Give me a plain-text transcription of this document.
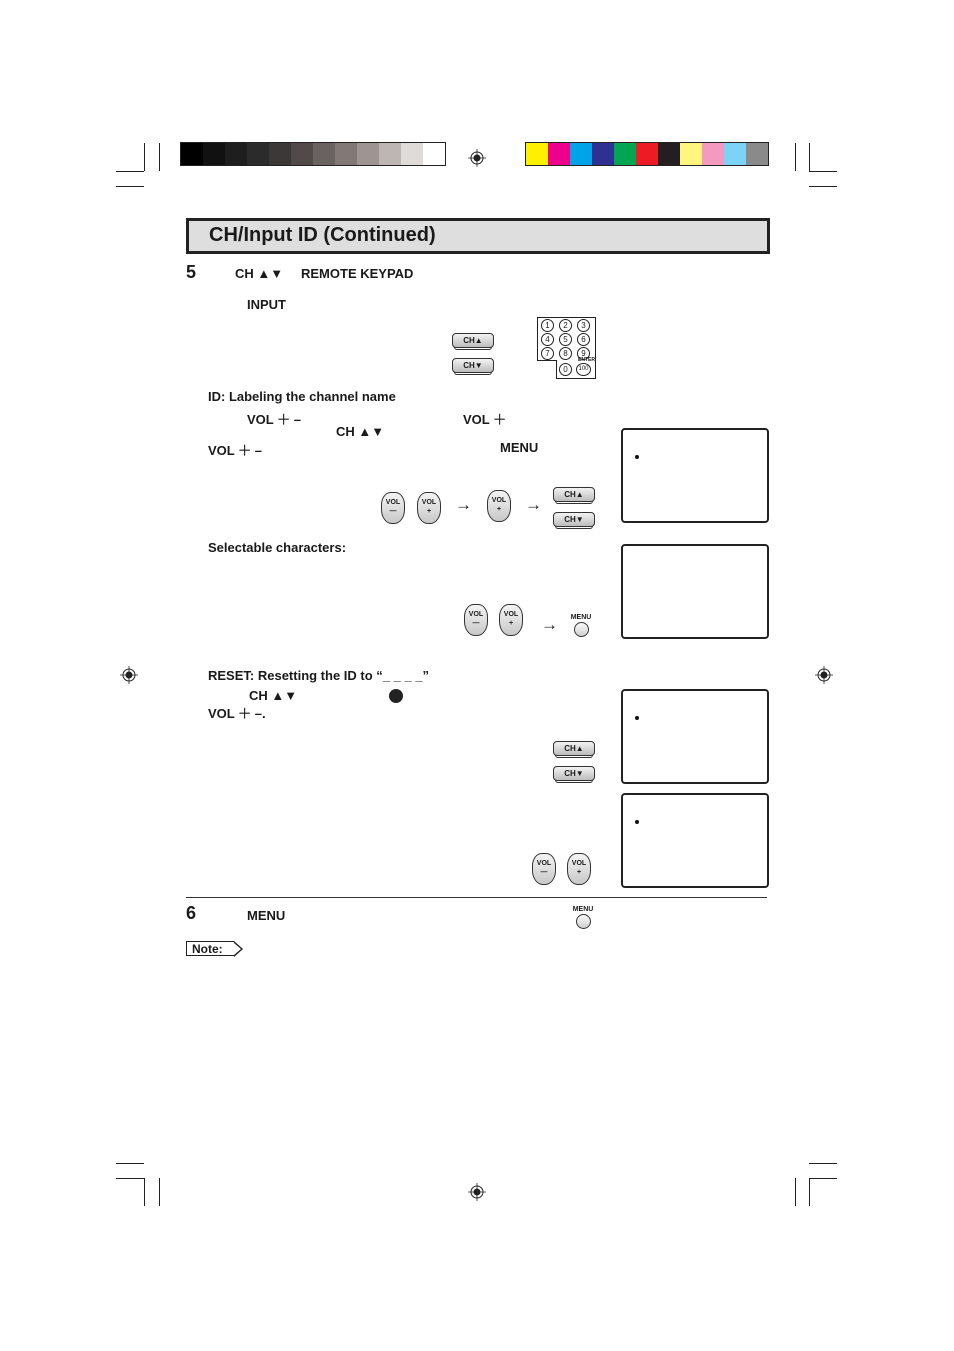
CH/Input ID (Continued)
5	CH ▲▼ REMOTE KEYPAD
INPUT
CH▲
CH▼
1	2	3
4	5	6
7	8	9
ENTER
0	100
ID: Labeling the channel name
VOL ＋ –	VOL ＋
CH ▲▼
VOL ＋ –	MENU
VOL
—
VOL
+	→	VOL
+	→
CH▲
CH▼
Selectable characters:
VOL
—
VOL
+	→	MENU
RESET: Resetting the ID to “_ _ _ _”
CH ▲▼
VOL ＋ –.
CH▲
CH▼
VOL
—
VOL
+
6	MENU	MENU
Note:
